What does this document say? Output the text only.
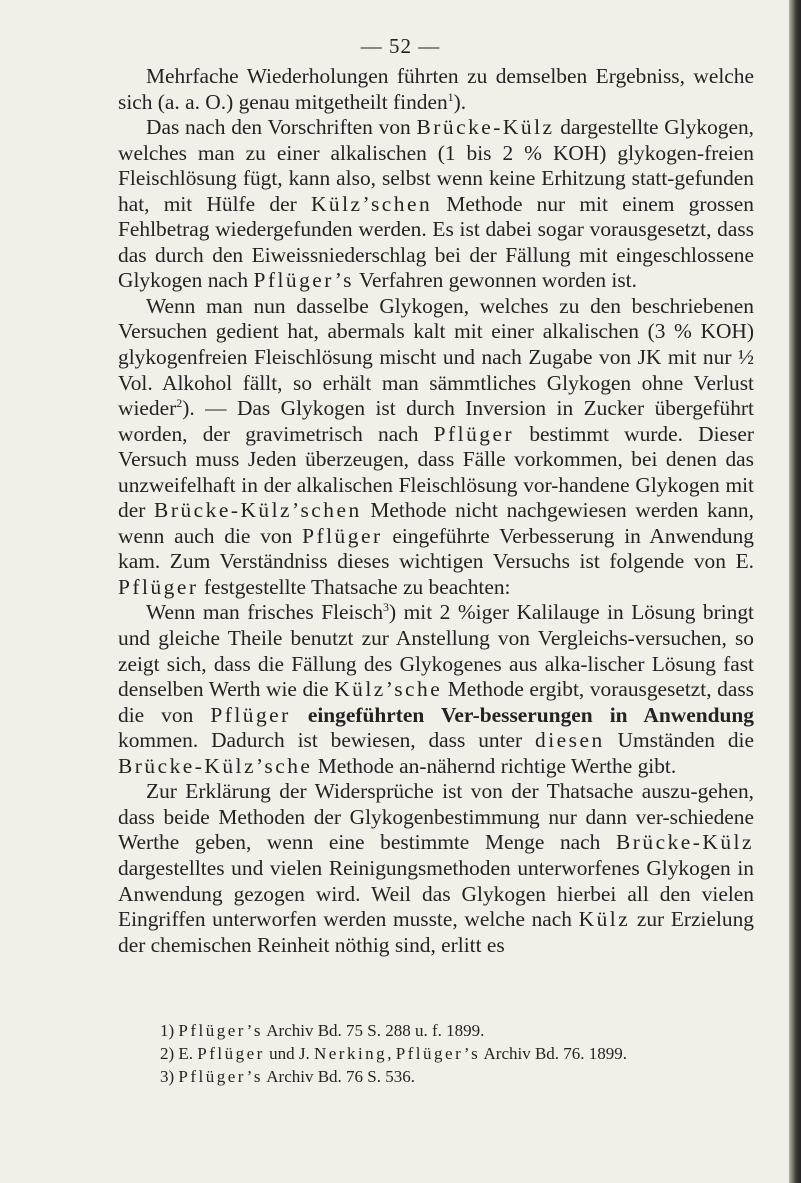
— 52 —

Mehrfache Wiederholungen führten zu demselben Ergebniss, welche sich (a. a. O.) genau mitgetheilt finden$^1$).

Das nach den Vorschriften von Brücke-Külz dargestellte Glykogen, welches man zu einer alkalischen (1 bis 2 % KOH) glykogen-freien Fleischlösung fügt, kann also, selbst wenn keine Erhitzung statt-gefunden hat, mit Hülfe der Külz’schen Methode nur mit einem grossen Fehlbetrag wiedergefunden werden. Es ist dabei sogar vorausgesetzt, dass das durch den Eiweissniederschlag bei der Fällung mit eingeschlossene Glykogen nach Pflüger’s Verfahren gewonnen worden ist.

Wenn man nun dasselbe Glykogen, welches zu den beschriebenen Versuchen gedient hat, abermals kalt mit einer alkalischen (3 % KOH) glykogenfreien Fleischlösung mischt und nach Zugabe von JK mit nur ½ Vol. Alkohol fällt, so erhält man sämmtliches Glykogen ohne Verlust wieder$^2$). — Das Glykogen ist durch Inversion in Zucker übergeführt worden, der gravimetrisch nach Pflüger bestimmt wurde. Dieser Versuch muss Jeden überzeugen, dass Fälle vorkommen, bei denen das unzweifelhaft in der alkalischen Fleischlösung vor-handene Glykogen mit der Brücke-Külz’schen Methode nicht nachgewiesen werden kann, wenn auch die von Pflüger eingeführte Verbesserung in Anwendung kam. Zum Verständniss dieses wichtigen Versuchs ist folgende von E. Pflüger festgestellte Thatsache zu beachten:

Wenn man frisches Fleisch$^3$) mit 2 %iger Kalilauge in Lösung bringt und gleiche Theile benutzt zur Anstellung von Vergleichs-versuchen, so zeigt sich, dass die Fällung des Glykogenes aus alka-lischer Lösung fast denselben Werth wie die Külz’sche Methode ergibt, vorausgesetzt, dass die von Pflüger eingeführten Ver-besserungen in Anwendung kommen. Dadurch ist bewiesen, dass unter diesen Umständen die Brücke-Külz’sche Methode an-nähernd richtige Werthe gibt.

Zur Erklärung der Widersprüche ist von der Thatsache auszu-gehen, dass beide Methoden der Glykogenbestimmung nur dann ver-schiedene Werthe geben, wenn eine bestimmte Menge nach Brücke-Külz dargestelltes und vielen Reinigungsmethoden unterworfenes Glykogen in Anwendung gezogen wird. Weil das Glykogen hierbei all den vielen Eingriffen unterworfen werden musste, welche nach Külz zur Erzielung der chemischen Reinheit nöthig sind, erlitt es

1) Pflüger’s Archiv Bd. 75 S. 288 u. f. 1899.

2) E. Pflüger und J. Nerking, Pflüger’s Archiv Bd. 76. 1899.

3) Pflüger’s Archiv Bd. 76 S. 536.
